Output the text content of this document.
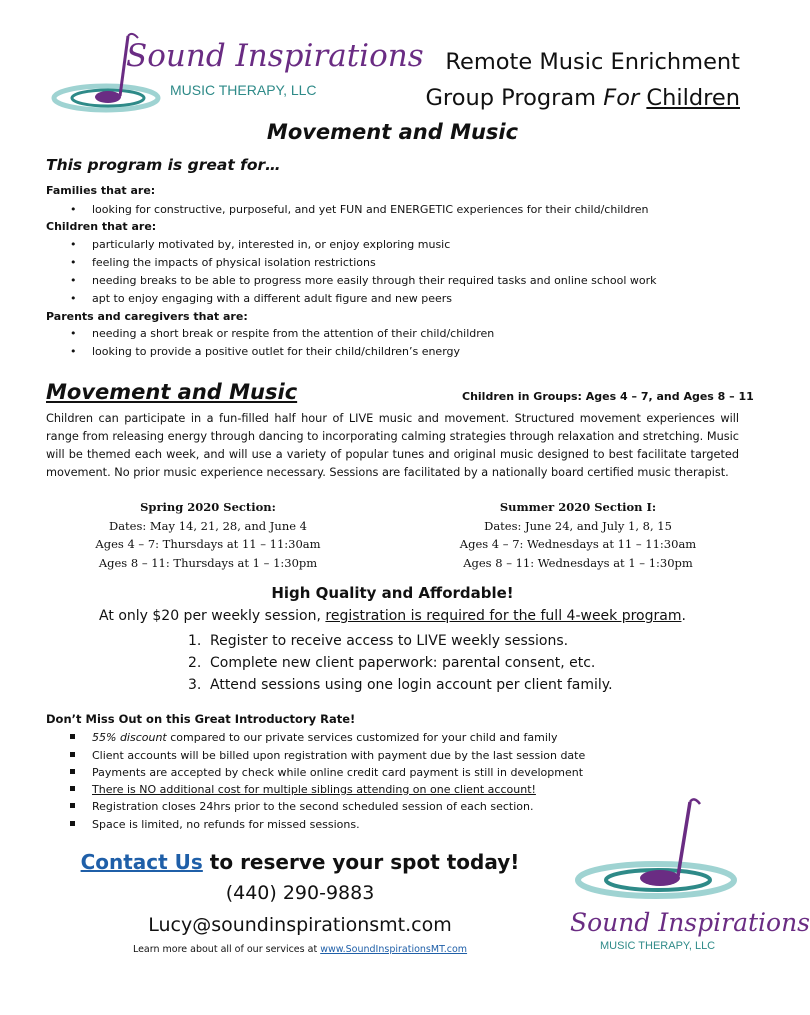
Sound Inspirations
MUSIC THERAPY, LLC
Remote Music Enrichment
Group Program For Children
Movement and Music
This program is great for…
Families that are:
• looking for constructive, purposeful, and yet FUN and ENERGETIC experiences for their child/children
Children that are:
• particularly motivated by, interested in, or enjoy exploring music
• feeling the impacts of physical isolation restrictions
• needing breaks to be able to progress more easily through their required tasks and online school work
• apt to enjoy engaging with a different adult figure and new peers
Parents and caregivers that are:
• needing a short break or respite from the attention of their child/children
• looking to provide a positive outlet for their child/children’s energy
Movement and Music	Children in Groups: Ages 4 – 7, and Ages 8 – 11
Children can participate in a fun-filled half hour of LIVE music and movement. Structured movement experiences will range from releasing energy through dancing to incorporating calming strategies through relaxation and stretching. Music will be themed each week, and will use a variety of popular tunes and original music designed to best facilitate targeted movement. No prior music experience necessary. Sessions are facilitated by a nationally board certified music therapist.
Spring 2020 Section:
Dates: May 14, 21, 28, and June 4
Ages 4 – 7: Thursdays at 11 – 11:30am
Ages 8 – 11: Thursdays at 1 – 1:30pm
Summer 2020 Section I:
Dates: June 24, and July 1, 8, 15
Ages 4 – 7: Wednesdays at 11 – 11:30am
Ages 8 – 11: Wednesdays at 1 – 1:30pm
High Quality and Affordable!
At only $20 per weekly session, registration is required for the full 4-week program.
1. Register to receive access to LIVE weekly sessions.
2. Complete new client paperwork: parental consent, etc.
3. Attend sessions using one login account per client family.
Don’t Miss Out on this Great Introductory Rate!
55% discount compared to our private services customized for your child and family
Client accounts will be billed upon registration with payment due by the last session date
Payments are accepted by check while online credit card payment is still in development
There is NO additional cost for multiple siblings attending on one client account!
Registration closes 24hrs prior to the second scheduled session of each section.
Space is limited, no refunds for missed sessions.
Contact Us to reserve your spot today!
(440) 290-9883
Lucy@soundinspirationsmt.com
Learn more about all of our services at www.SoundInspirationsMT.com
Sound Inspirations
MUSIC THERAPY, LLC
